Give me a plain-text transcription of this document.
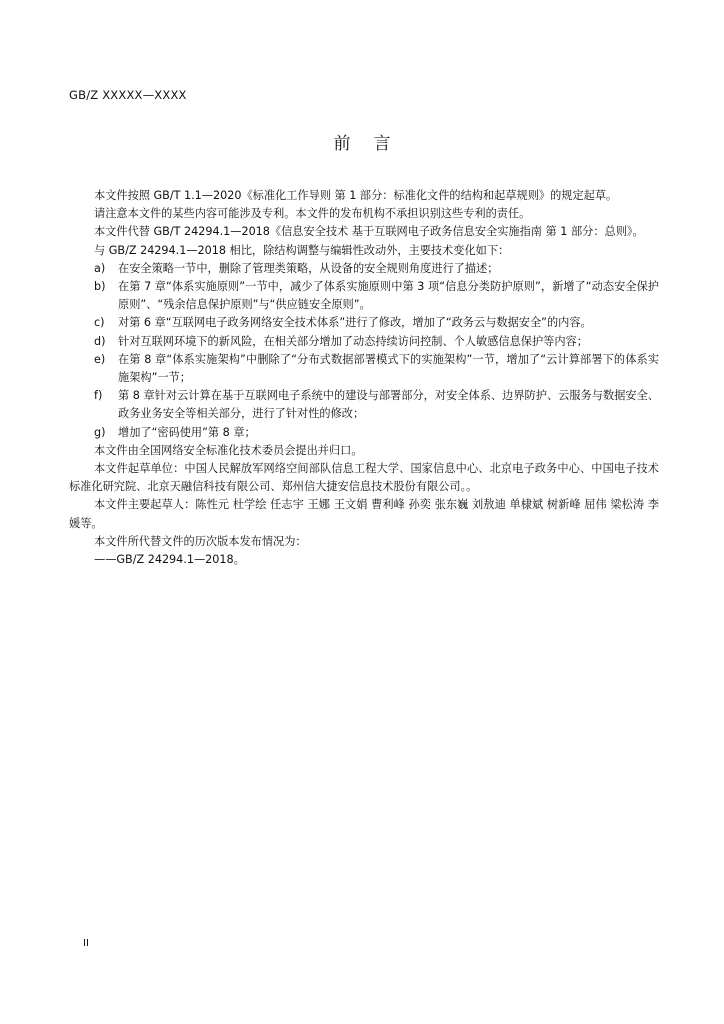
GB/Z XXXXX—XXXX
前 言

本文件按照 GB/T 1.1—2020《标准化工作导则 第 1 部分：标准化文件的结构和起草规则》的规定起草。

请注意本文件的某些内容可能涉及专利。本文件的发布机构不承担识别这些专利的责任。

本文件代替 GB/T 24294.1—2018《信息安全技术 基于互联网电子政务信息安全实施指南 第 1 部分：总则》。

与 GB/Z 24294.1—2018 相比，除结构调整与编辑性改动外，主要技术变化如下：

a) 在安全策略一节中，删除了管理类策略，从设备的安全规则角度进行了描述；
b) 在第 7 章“体系实施原则”一节中，减少了体系实施原则中第 3 项“信息分类防护原则”，新增了“动态安全保护原则”、“残余信息保护原则”与“供应链安全原则”。
c) 对第 6 章“互联网电子政务网络安全技术体系”进行了修改，增加了“政务云与数据安全”的内容。
d) 针对互联网环境下的新风险，在相关部分增加了动态持续访问控制、个人敏感信息保护等内容；
e) 在第 8 章“体系实施架构”中删除了“分布式数据部署模式下的实施架构”一节，增加了“云计算部署下的体系实施架构”一节；
f) 第 8 章针对云计算在基于互联网电子系统中的建设与部署部分，对安全体系、边界防护、云服务与数据安全、政务业务安全等相关部分，进行了针对性的修改；
g) 增加了“密码使用”第 8 章；

本文件由全国网络安全标准化技术委员会提出并归口。

本文件起草单位：中国人民解放军网络空间部队信息工程大学、国家信息中心、北京电子政务中心、中国电子技术标准化研究院、北京天融信科技有限公司、郑州信大捷安信息技术股份有限公司。。

本文件主要起草人：陈性元 杜学绘 任志宇 王娜 王文娟 曹利峰 孙奕 张东巍 刘敖迪 单棣斌 树新峰 屈伟 梁松涛 李媛等。

本文件所代替文件的历次版本发布情况为：

——GB/Z 24294.1—2018。

II
